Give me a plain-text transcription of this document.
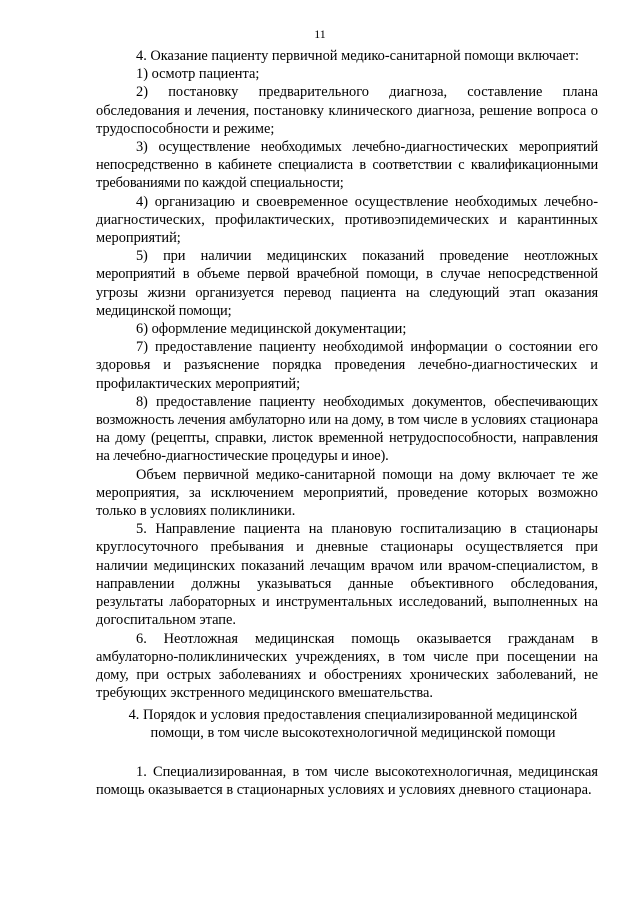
11

4. Оказание пациенту первичной медико-санитарной помощи включает:

1) осмотр пациента;

2) постановку предварительного диагноза, составление плана обследования и лечения, постановку клинического диагноза, решение вопроса о трудоспособности и режиме;

3) осуществление необходимых лечебно-диагностических мероприятий непосредственно в кабинете специалиста в соответствии с квалификационными требованиями по каждой специальности;

4) организацию и своевременное осуществление необходимых лечебно-диагностических, профилактических, противоэпидемических и карантинных мероприятий;

5) при наличии медицинских показаний проведение неотложных мероприятий в объеме первой врачебной помощи, в случае непосредственной угрозы жизни организуется перевод пациента на следующий этап оказания медицинской помощи;

6) оформление медицинской документации;

7) предоставление пациенту необходимой информации о состоянии его здоровья и разъяснение порядка проведения лечебно-диагностических и профилактических мероприятий;

8) предоставление пациенту необходимых документов, обеспечивающих возможность лечения амбулаторно или на дому, в том числе в условиях стационара на дому (рецепты, справки, листок временной нетрудоспособности, направления на лечебно-диагностические процедуры и иное).

Объем первичной медико-санитарной помощи на дому включает те же мероприятия, за исключением мероприятий, проведение которых возможно только в условиях поликлиники.

5. Направление пациента на плановую госпитализацию в стационары круглосуточного пребывания и дневные стационары осуществляется при наличии медицинских показаний лечащим врачом или врачом-специалистом, в направлении должны указываться данные объективного обследования, результаты лабораторных и инструментальных исследований, выполненных на догоспитальном этапе.

6. Неотложная медицинская помощь оказывается гражданам в амбулаторно-поликлинических учреждениях, в том числе при посещении на дому, при острых заболеваниях и обострениях хронических заболеваний, не требующих экстренного медицинского вмешательства.

4. Порядок и условия предоставления специализированной медицинской

помощи, в том числе высокотехнологичной медицинской помощи

1. Специализированная, в том числе высокотехнологичная, медицинская помощь оказывается в стационарных условиях и условиях дневного стационара.
